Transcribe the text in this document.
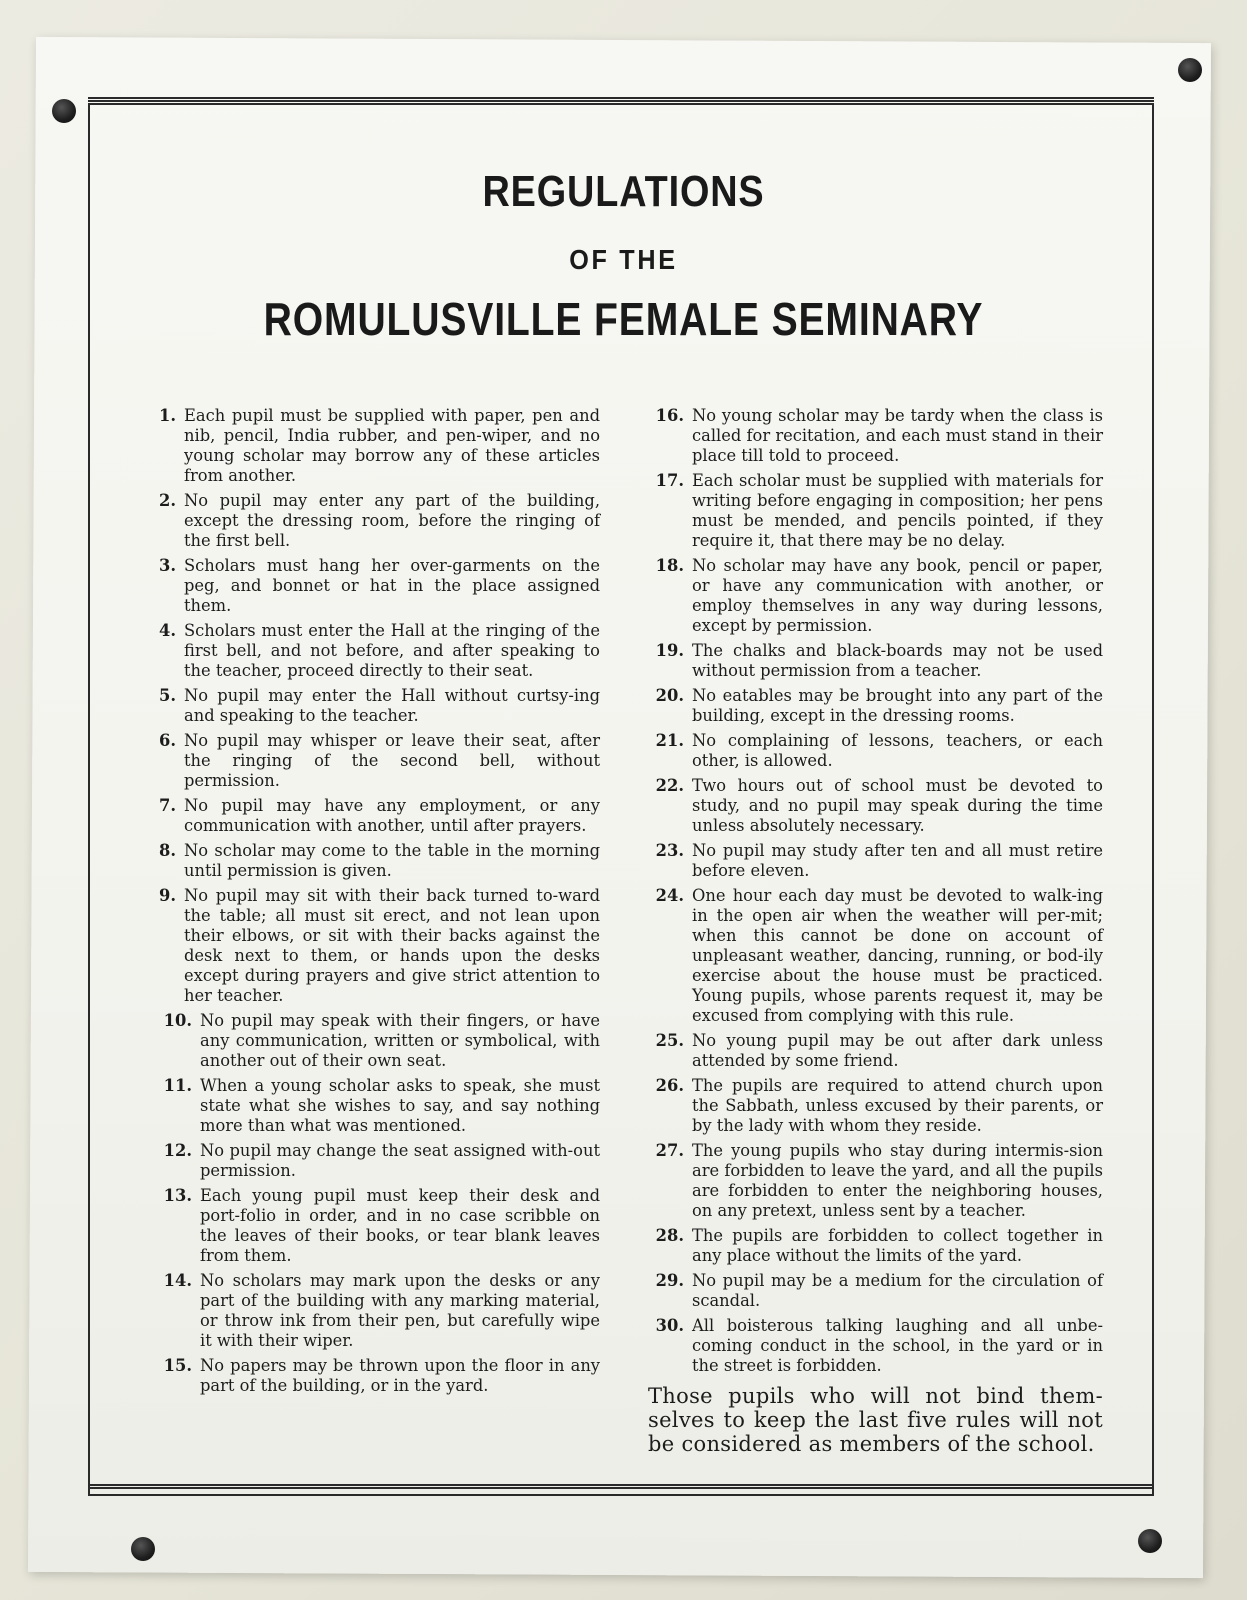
REGULATIONS
OF THE
ROMULUSVILLE FEMALE SEMINARY
1. Each pupil must be supplied with paper, pen and nib, pencil, India rubber, and pen-wiper, and no young scholar may borrow any of these articles from another.
2. No pupil may enter any part of the building, except the dressing room, before the ringing of the first bell.
3. Scholars must hang her over-garments on the peg, and bonnet or hat in the place assigned them.
4. Scholars must enter the Hall at the ringing of the first bell, and not before, and after speaking to the teacher, proceed directly to their seat.
5. No pupil may enter the Hall without curtsy-ing and speaking to the teacher.
6. No pupil may whisper or leave their seat, after the ringing of the second bell, without permission.
7. No pupil may have any employment, or any communication with another, until after prayers.
8. No scholar may come to the table in the morning until permission is given.
9. No pupil may sit with their back turned to-ward the table; all must sit erect, and not lean upon their elbows, or sit with their backs against the desk next to them, or hands upon the desks except during prayers and give strict attention to her teacher.
10. No pupil may speak with their fingers, or have any communication, written or symbolical, with another out of their own seat.
11. When a young scholar asks to speak, she must state what she wishes to say, and say nothing more than what was mentioned.
12. No pupil may change the seat assigned with-out permission.
13. Each young pupil must keep their desk and port-folio in order, and in no case scribble on the leaves of their books, or tear blank leaves from them.
14. No scholars may mark upon the desks or any part of the building with any marking material, or throw ink from their pen, but carefully wipe it with their wiper.
15. No papers may be thrown upon the floor in any part of the building, or in the yard.
16. No young scholar may be tardy when the class is called for recitation, and each must stand in their place till told to proceed.
17. Each scholar must be supplied with materials for writing before engaging in composition; her pens must be mended, and pencils pointed, if they require it, that there may be no delay.
18. No scholar may have any book, pencil or paper, or have any communication with another, or employ themselves in any way during lessons, except by permission.
19. The chalks and black-boards may not be used without permission from a teacher.
20. No eatables may be brought into any part of the building, except in the dressing rooms.
21. No complaining of lessons, teachers, or each other, is allowed.
22. Two hours out of school must be devoted to study, and no pupil may speak during the time unless absolutely necessary.
23. No pupil may study after ten and all must retire before eleven.
24. One hour each day must be devoted to walk-ing in the open air when the weather will per-mit; when this cannot be done on account of unpleasant weather, dancing, running, or bod-ily exercise about the house must be practiced. Young pupils, whose parents request it, may be excused from complying with this rule.
25. No young pupil may be out after dark unless attended by some friend.
26. The pupils are required to attend church upon the Sabbath, unless excused by their parents, or by the lady with whom they reside.
27. The young pupils who stay during intermis-sion are forbidden to leave the yard, and all the pupils are forbidden to enter the neighboring houses, on any pretext, unless sent by a teacher.
28. The pupils are forbidden to collect together in any place without the limits of the yard.
29. No pupil may be a medium for the circulation of scandal.
30. All boisterous talking laughing and all unbe-coming conduct in the school, in the yard or in the street is forbidden.
Those pupils who will not bind them-selves to keep the last five rules will not be considered as members of the school.
